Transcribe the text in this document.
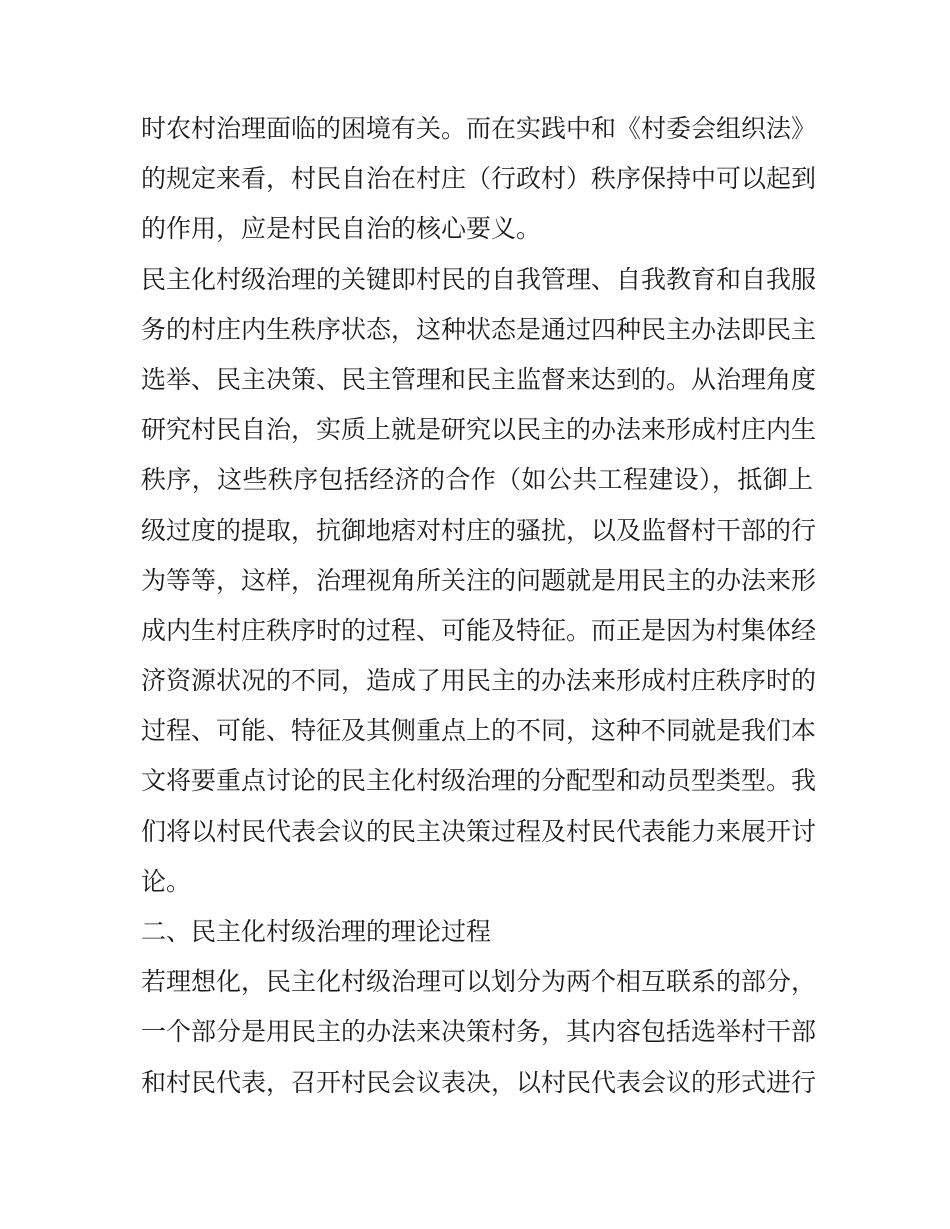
时农村治理面临的困境有关。而在实践中和《村委会组织法》
的规定来看，村民自治在村庄（行政村）秩序保持中可以起到
的作用，应是村民自治的核心要义。
民主化村级治理的关键即村民的自我管理、自我教育和自我服
务的村庄内生秩序状态，这种状态是通过四种民主办法即民主
选举、民主决策、民主管理和民主监督来达到的。从治理角度
研究村民自治，实质上就是研究以民主的办法来形成村庄内生
秩序，这些秩序包括经济的合作（如公共工程建设），抵御上
级过度的提取，抗御地痞对村庄的骚扰，以及监督村干部的行
为等等，这样，治理视角所关注的问题就是用民主的办法来形
成内生村庄秩序时的过程、可能及特征。而正是因为村集体经
济资源状况的不同，造成了用民主的办法来形成村庄秩序时的
过程、可能、特征及其侧重点上的不同，这种不同就是我们本
文将要重点讨论的民主化村级治理的分配型和动员型类型。我
们将以村民代表会议的民主决策过程及村民代表能力来展开讨
论。
二、民主化村级治理的理论过程
若理想化，民主化村级治理可以划分为两个相互联系的部分，
一个部分是用民主的办法来决策村务，其内容包括选举村干部
和村民代表，召开村民会议表决，以村民代表会议的形式进行
